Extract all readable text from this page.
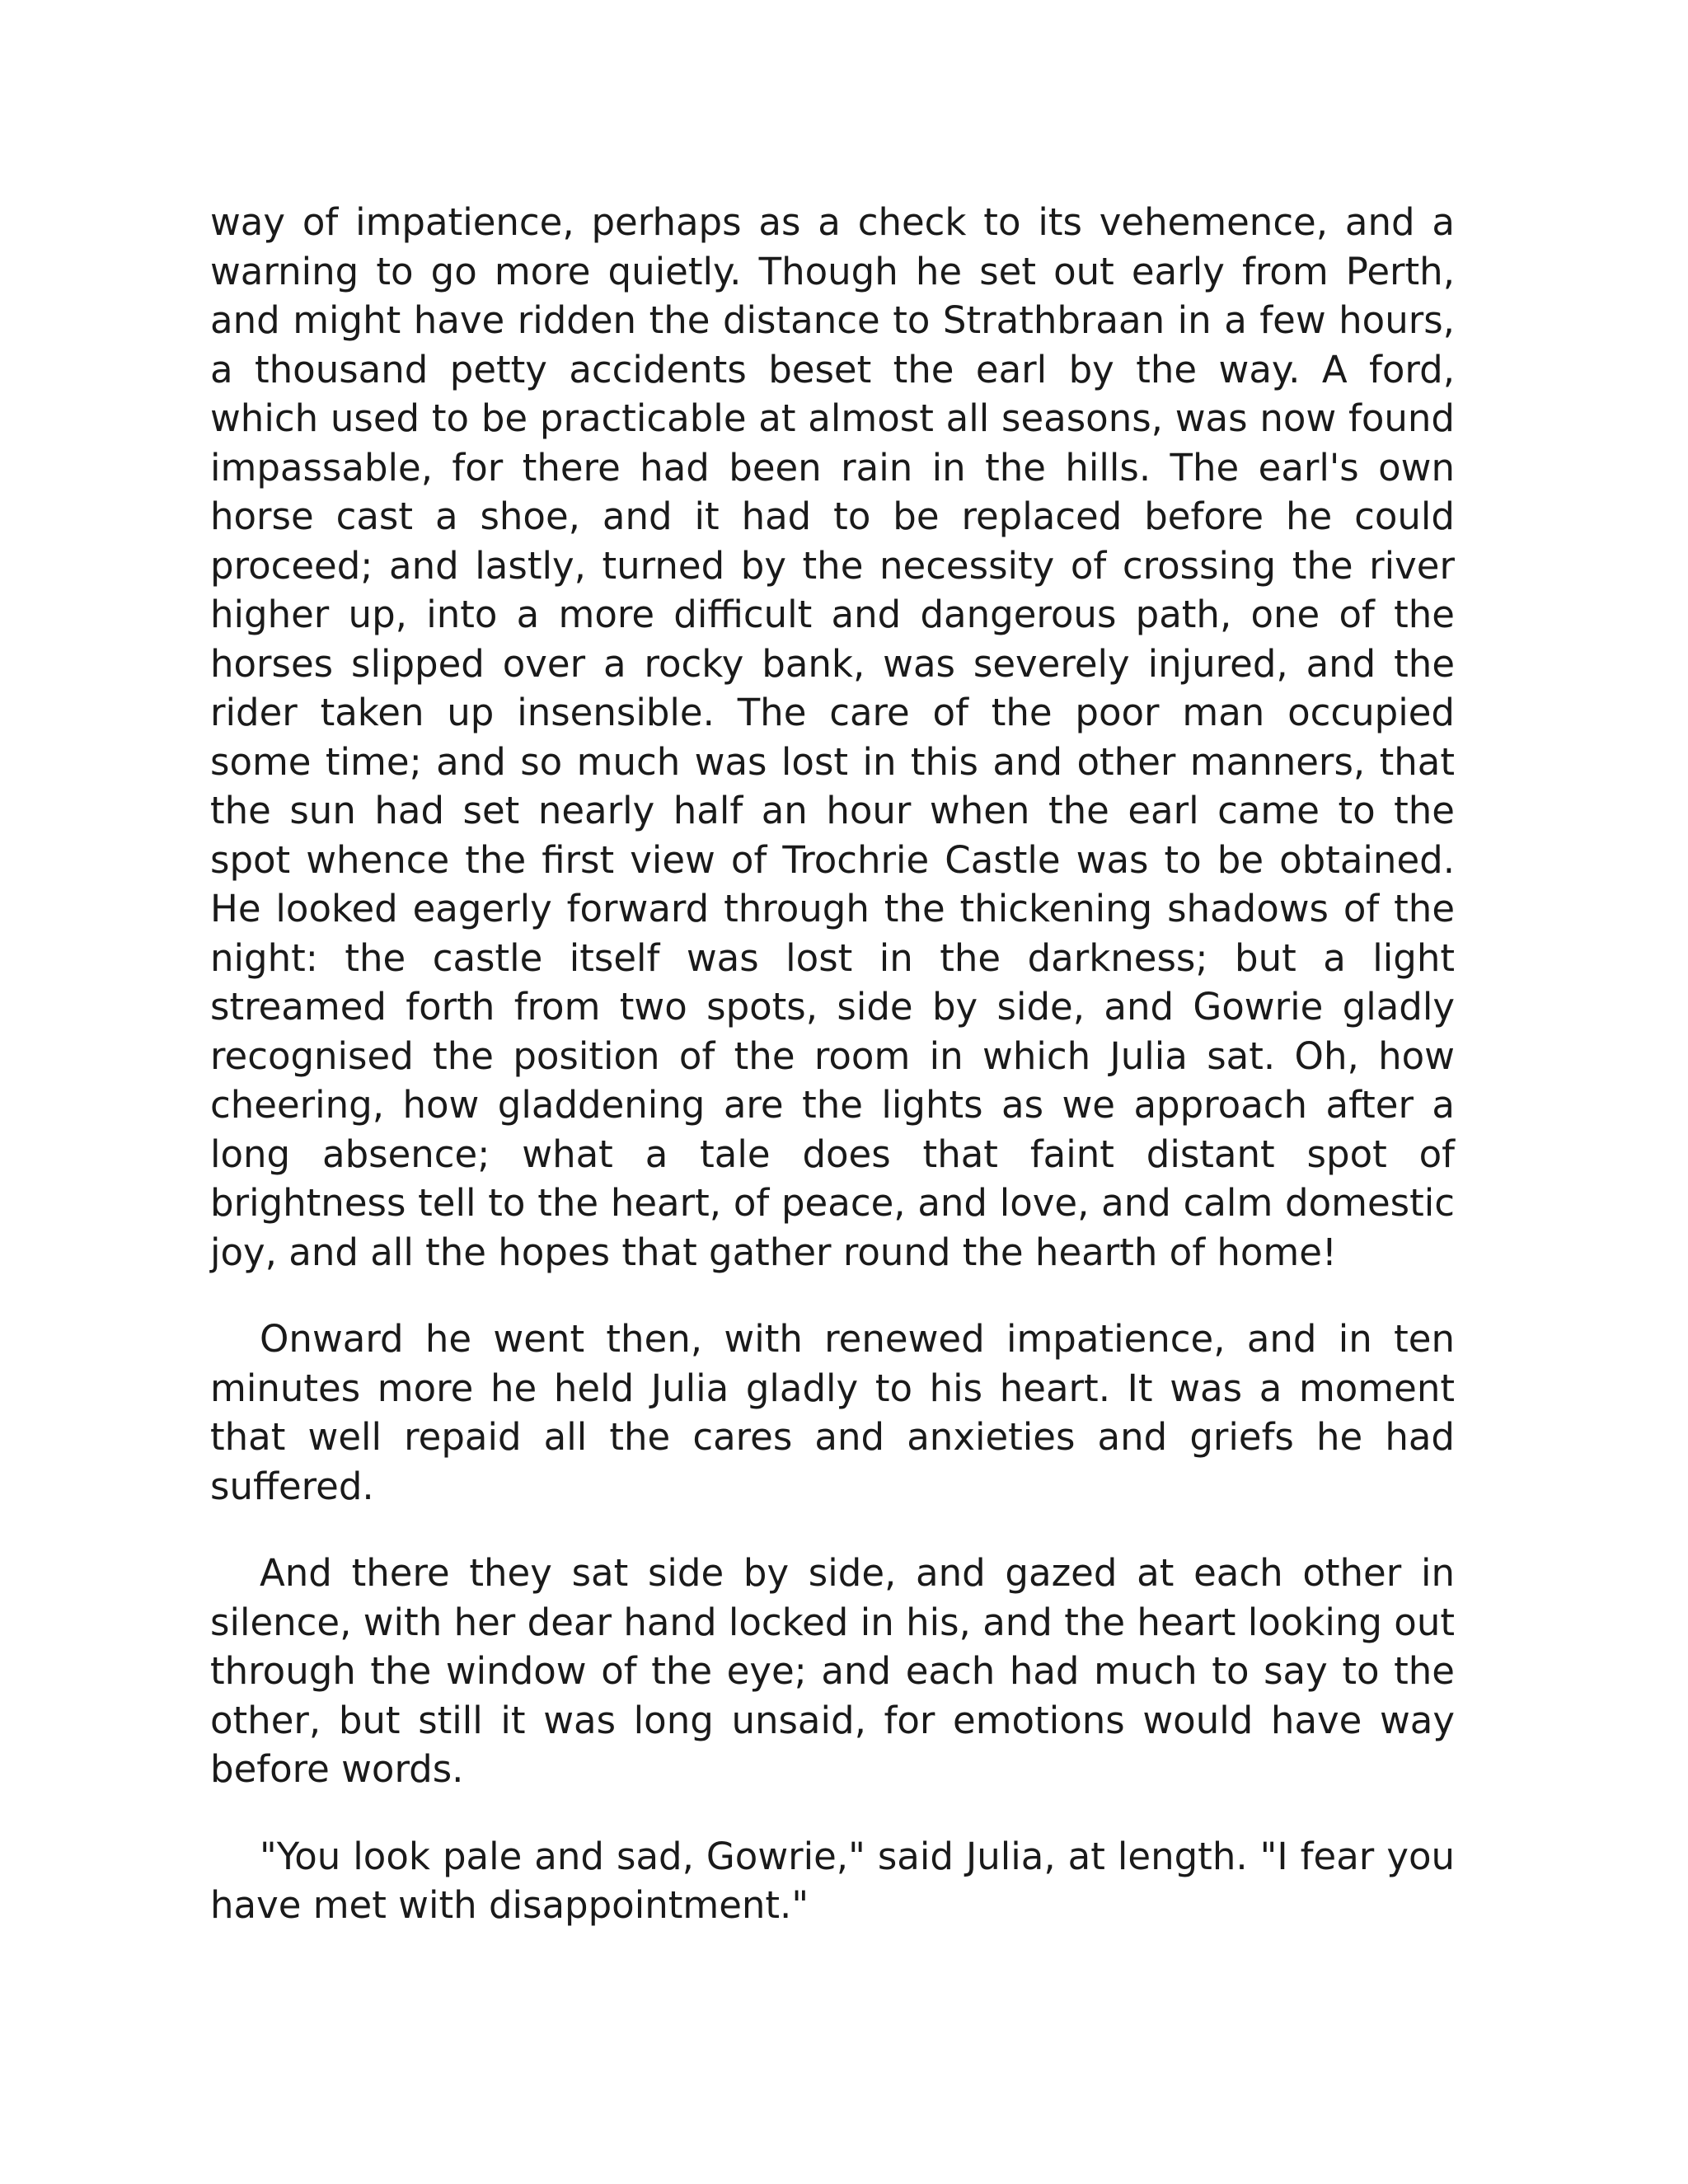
way of impatience, perhaps as a check to its vehemence, and a warning to go more quietly. Though he set out early from Perth, and might have ridden the distance to Strathbraan in a few hours, a thousand petty accidents beset the earl by the way. A ford, which used to be practicable at almost all seasons, was now found impassable, for there had been rain in the hills. The earl's own horse cast a shoe, and it had to be replaced before he could proceed; and lastly, turned by the necessity of crossing the river higher up, into a more difficult and dangerous path, one of the horses slipped over a rocky bank, was severely injured, and the rider taken up insensible. The care of the poor man occupied some time; and so much was lost in this and other manners, that the sun had set nearly half an hour when the earl came to the spot whence the first view of Trochrie Castle was to be obtained. He looked eagerly forward through the thickening shadows of the night: the castle itself was lost in the darkness; but a light streamed forth from two spots, side by side, and Gowrie gladly recognised the position of the room in which Julia sat. Oh, how cheering, how gladdening are the lights as we approach after a long absence; what a tale does that faint distant spot of brightness tell to the heart, of peace, and love, and calm domestic joy, and all the hopes that gather round the hearth of home!

Onward he went then, with renewed impatience, and in ten minutes more he held Julia gladly to his heart. It was a moment that well repaid all the cares and anxieties and griefs he had suffered.

And there they sat side by side, and gazed at each other in silence, with her dear hand locked in his, and the heart looking out through the window of the eye; and each had much to say to the other, but still it was long unsaid, for emotions would have way before words.

"You look pale and sad, Gowrie," said Julia, at length. "I fear you have met with disappointment."
